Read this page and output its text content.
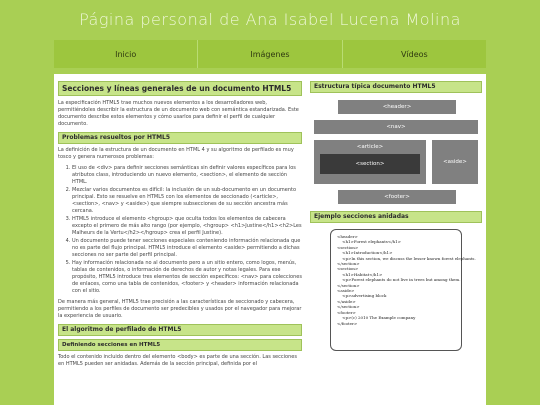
Página personal de Ana Isabel Lucena Molina
Inicio	Imágenes	Vídeos
Secciones y líneas generales de un documento HTML5

La especificación HTML5 trae muchos nuevos elementos a los desarrolladores web, permitiéndoles describir la estructura de un documento web con semántica estandarizada. Este documento describe estos elementos y cómo usarlos para definir el perfil de cualquier documento.

Problemas resueltos por HTML5

La definición de la estructura de un documento en HTML 4 y su algoritmo de perfilado es muy tosco y genera numerosos problemas:

1. El uso de <div> para definir secciones semánticas sin definir valores específicos para los atributos class, introduciendo un nuevo elemento, <section>, el elemento de sección HTML.
2. Mezclar varios documentos es difícil: la inclusión de un sub-documento en un documento principal. Esto se resuelve en HTML5 con los elementos de seccionado (<article>, <section>, <nav> y <aside>) que siempre subsecciones de su sección ancestra más cercana.
3. HTML5 introduce el elemento <hgroup> que oculta todos los elementos de cabecera excepto el primero de más alto rango (por ejemplo, <hgroup> <h1>Justine</h1><h2>Les Malheurs de la Vertu</h2></hgroup> crea el perfil Justine).
4. Un documento puede tener secciones especiales conteniendo información relacionada que no es parte del flujo principal. HTML5 introduce el elemento <aside> permitiendo a dichas secciones no ser parte del perfil principal.
5. Hay información relacionada no al documento pero a un sitio entero, como logos, menús, tablas de contenidos, o información de derechos de autor y notas legales. Para ese propósito, HTML5 introduce tres elementos de sección específicos: <nav> para colecciones de enlaces, como una tabla de contenidos, <footer> y <header> información relacionada con el sitio.

De manera más general, HTML5 trae precisión a las características de seccionado y cabecera, permitiendo a los perfiles de documento ser predecibles y usados por el navegador para mejorar la experiencia de usuario.

El algoritmo de perfilado de HTML5
Definiendo secciones en HTML5

Todo el contenido incluido dentro del elemento <body> es parte de una sección. Las secciones en HTML5 pueden ser anidadas. Además de la sección principal, definida por el

Estructura típica documento HTML5
<header>
<nav>
<article>
<section>	<aside>
<footer>
Ejemplo secciones anidadas
<header>
<h1>Forest elephants</h1>
<section>
<h1>Introduction</h1>
<p>In this section, we discuss the lesser known forest elephants.
</section>
<section>
<h1>Habitat</h1>
<p>Forest elephants do not live in trees but among them.
</section>
<aside>
<p>advertising block
</aside>
</section>
<footer>
<p>(c) 2010 The Example company
</footer>
